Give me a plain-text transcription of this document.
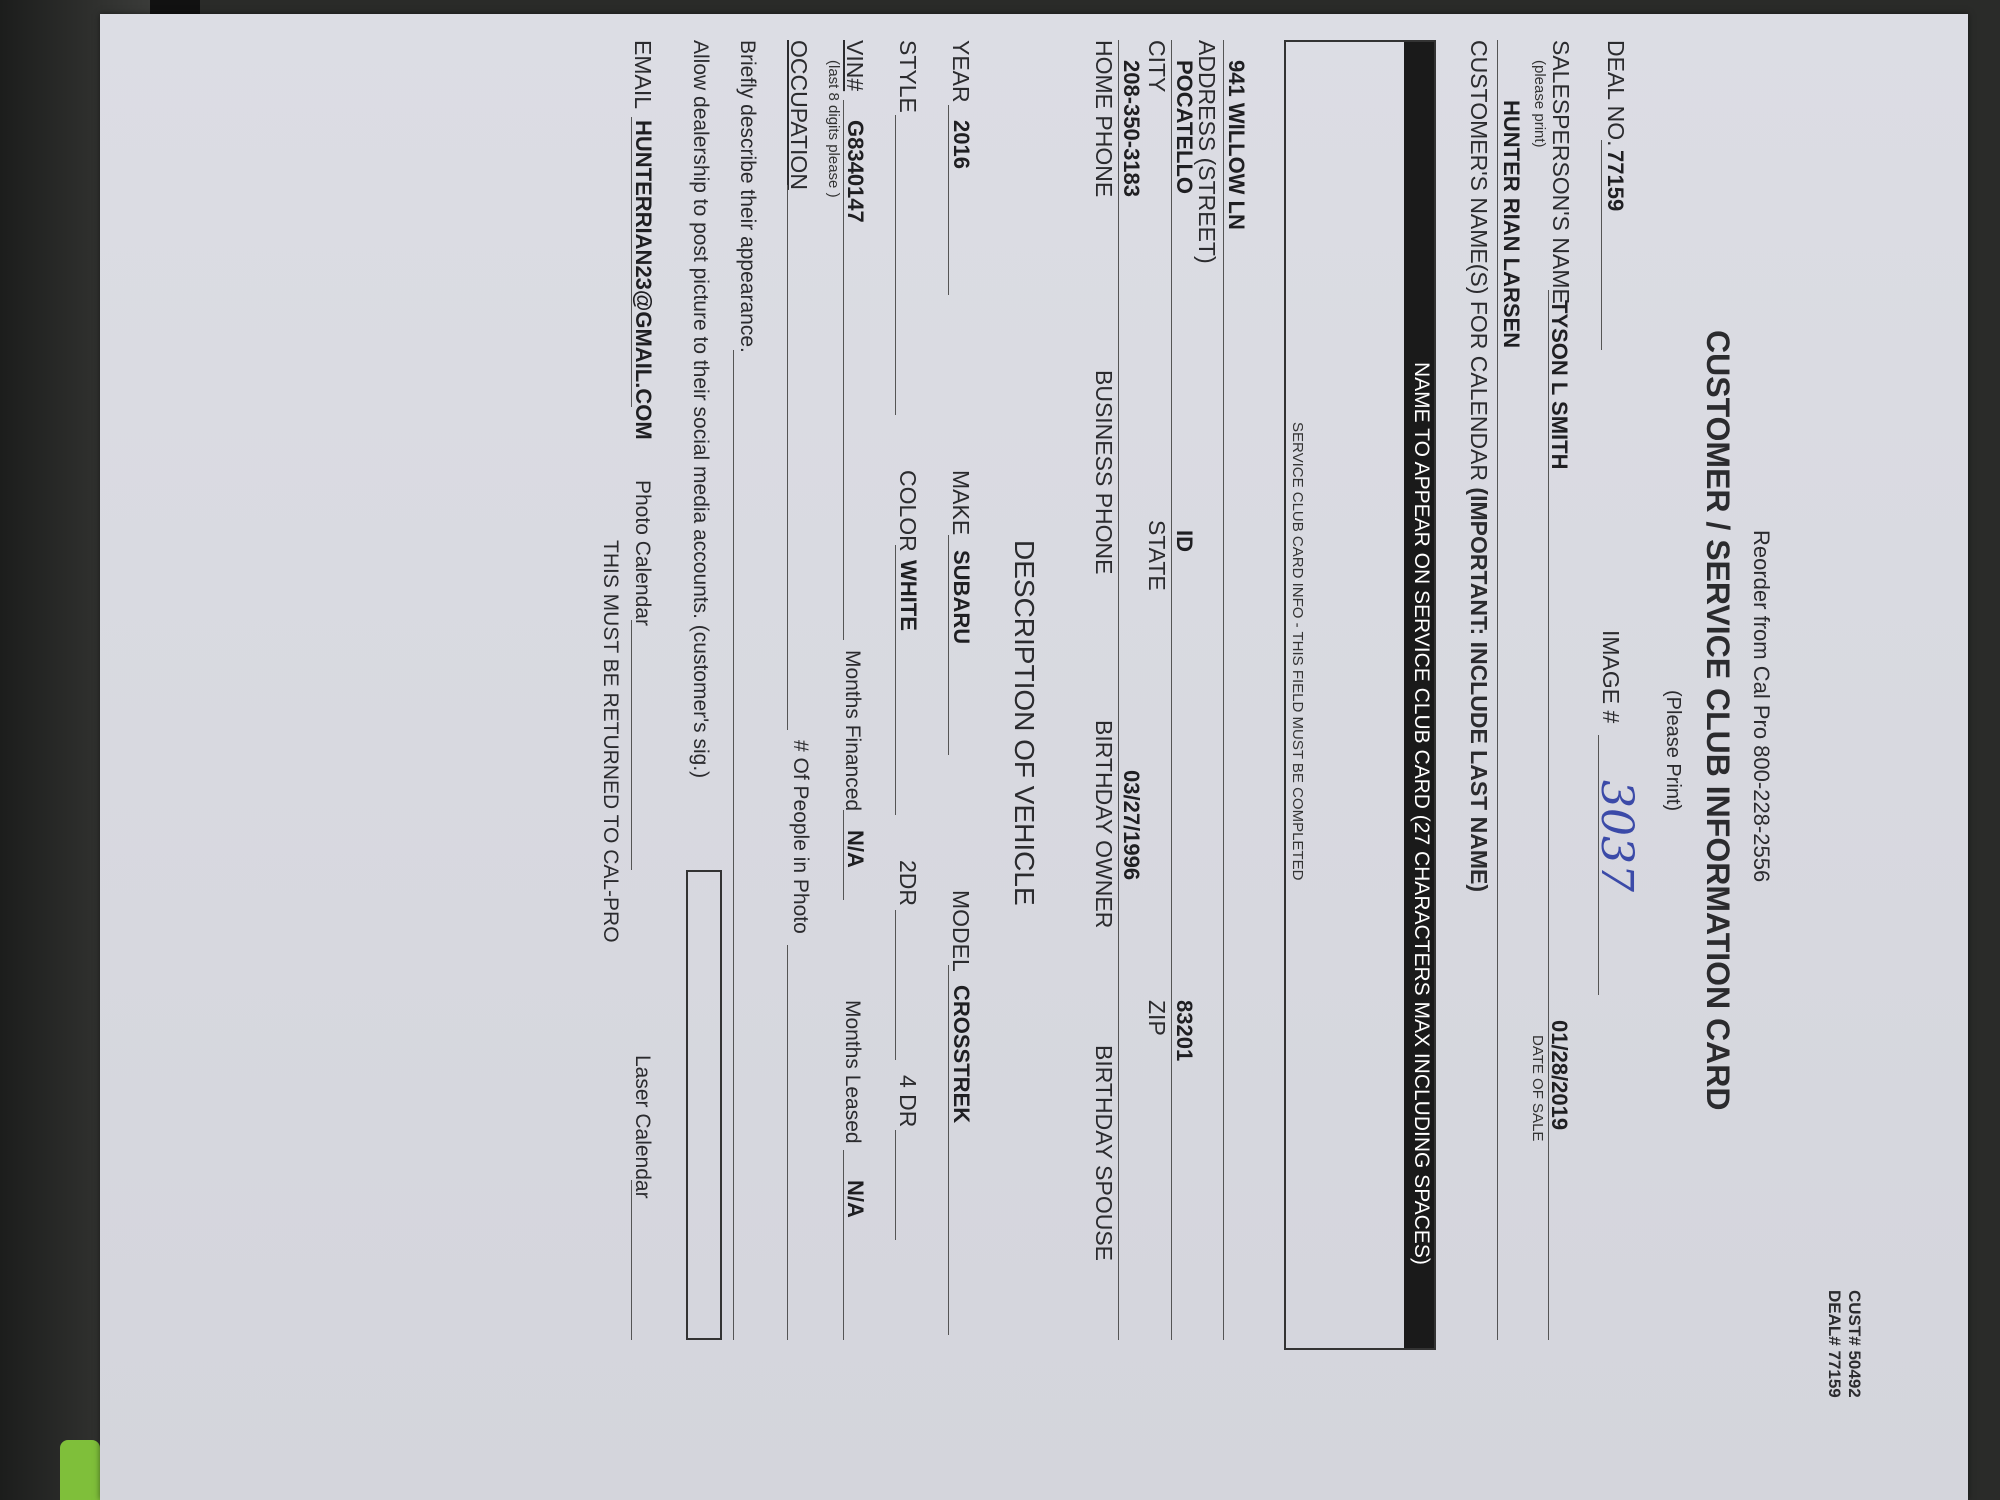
CUST# 50492
DEAL# 77159
Reorder from Cal Pro 800-228-2556
CUSTOMER / SERVICE CLUB INFORMATION CARD
(Please Print)
DEAL NO.
77159
IMAGE #
3037
SALESPERSON'S NAME
(please print)
TYSON L SMITH
01/28/2019
DATE OF SALE
HUNTER RIAN LARSEN
CUSTOMER'S NAME(S) FOR CALENDAR (IMPORTANT: INCLUDE LAST NAME)
NAME TO APPEAR ON SERVICE CLUB CARD (27 CHARACTERS MAX INCLUDING SPACES)
SERVICE CLUB CARD INFO - THIS FIELD MUST BE COMPLETED
941 WILLOW LN
ADDRESS (STREET)
POCATELLO
ID
83201
CITY
STATE
ZIP
208-350-3183
03/27/1996
HOME PHONE
BUSINESS PHONE
BIRTHDAY OWNER
BIRTHDAY SPOUSE
DESCRIPTION OF VEHICLE
YEAR
2016
MAKE
SUBARU
MODEL
CROSSTREK
STYLE
COLOR
WHITE
2DR
4 DR
VIN#
(last 8 digits please ) G8340147
Months Financed
N/A
Months Leased
N/A
OCCUPATION
# Of People in Photo
Briefly describe their appearance.
Allow dealership to post picture to their social media accounts. (customer's sig.)
EMAIL
HUNTERRIAN23@GMAIL.COM
Photo Calendar
Laser Calendar
THIS MUST BE RETURNED TO CAL-PRO
